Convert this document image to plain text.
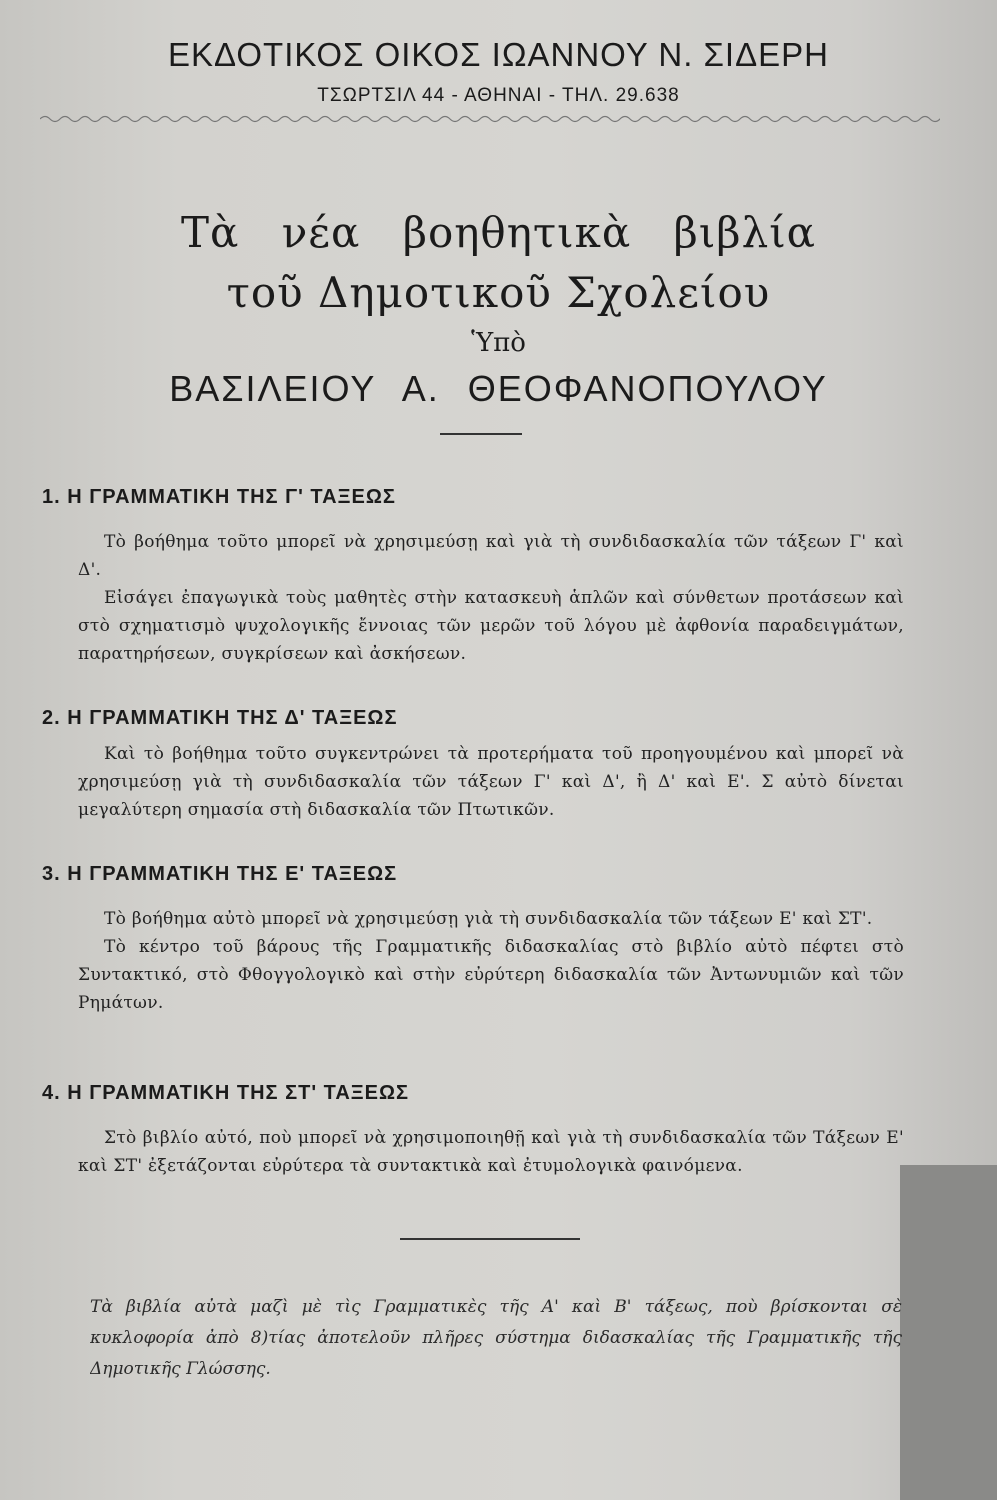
ΕΚΔΟΤΙΚΟΣ ΟΙΚΟΣ ΙΩΑΝΝΟΥ Ν. ΣΙΔΕΡΗ
ΤΣΩΡΤΣΙΛ 44 - ΑΘΗΝΑΙ - ΤΗΛ. 29.638
Τὰ νέα βοηθητικὰ βιβλία
τοῦ Δημοτικοῦ Σχολείου
Ὑπὸ
ΒΑΣΙΛΕΙΟΥ Α. ΘΕΟΦΑΝΟΠΟΥΛΟΥ
1. Η ΓΡΑΜΜΑΤΙΚΗ ΤΗΣ Γ' ΤΑΞΕΩΣ

Τὸ βοήθημα τοῦτο μπορεῖ νὰ χρησιμεύσῃ καὶ γιὰ τὴ συνδιδασκαλία τῶν τάξεων Γ' καὶ Δ'.

Εἰσάγει ἐπαγωγικὰ τοὺς μαθητὲς στὴν κατασκευὴ ἁπλῶν καὶ σύνθετων προτάσεων καὶ στὸ σχηματισμὸ ψυχολογικῆς ἔννοιας τῶν μερῶν τοῦ λόγου μὲ ἀφθονία παραδειγμάτων, παρατηρήσεων, συγκρίσεων καὶ ἀσκήσεων.

2. Η ΓΡΑΜΜΑΤΙΚΗ ΤΗΣ Δ' ΤΑΞΕΩΣ

Καὶ τὸ βοήθημα τοῦτο συγκεντρώνει τὰ προτερήματα τοῦ προηγουμένου καὶ μπορεῖ νὰ χρησιμεύσῃ γιὰ τὴ συνδιδασκαλία τῶν τάξεων Γ' καὶ Δ', ἢ Δ' καὶ Ε'. Σ αὐτὸ δίνεται μεγαλύτερη σημασία στὴ διδασκαλία τῶν Πτωτικῶν.

3. Η ΓΡΑΜΜΑΤΙΚΗ ΤΗΣ Ε' ΤΑΞΕΩΣ

Τὸ βοήθημα αὐτὸ μπορεῖ νὰ χρησιμεύσῃ γιὰ τὴ συνδιδασκαλία τῶν τάξεων Ε' καὶ ΣΤ'.

Τὸ κέντρο τοῦ βάρους τῆς Γραμματικῆς διδασκαλίας στὸ βιβλίο αὐτὸ πέφτει στὸ Συντακτικό, στὸ Φθογγολογικὸ καὶ στὴν εὐρύτερη διδασκαλία τῶν Ἀντωνυμιῶν καὶ τῶν Ρημάτων.

4. Η ΓΡΑΜΜΑΤΙΚΗ ΤΗΣ ΣΤ' ΤΑΞΕΩΣ

Στὸ βιβλίο αὐτό, ποὺ μπορεῖ νὰ χρησιμοποιηθῇ καὶ γιὰ τὴ συνδιδασκαλία τῶν Τάξεων Ε' καὶ ΣΤ' ἐξετάζονται εὐρύτερα τὰ συντακτικὰ καὶ ἐτυμολογικὰ φαινόμενα.

Τὰ βιβλία αὐτὰ μαζὶ μὲ τὶς Γραμματικὲς τῆς Α' καὶ Β' τάξεως, ποὺ βρίσκονται σὲ κυκλοφορία ἀπὸ 8)τίας ἀποτελοῦν πλῆρες σύστημα διδασκαλίας τῆς Γραμματικῆς τῆς Δημοτικῆς Γλώσσης.
